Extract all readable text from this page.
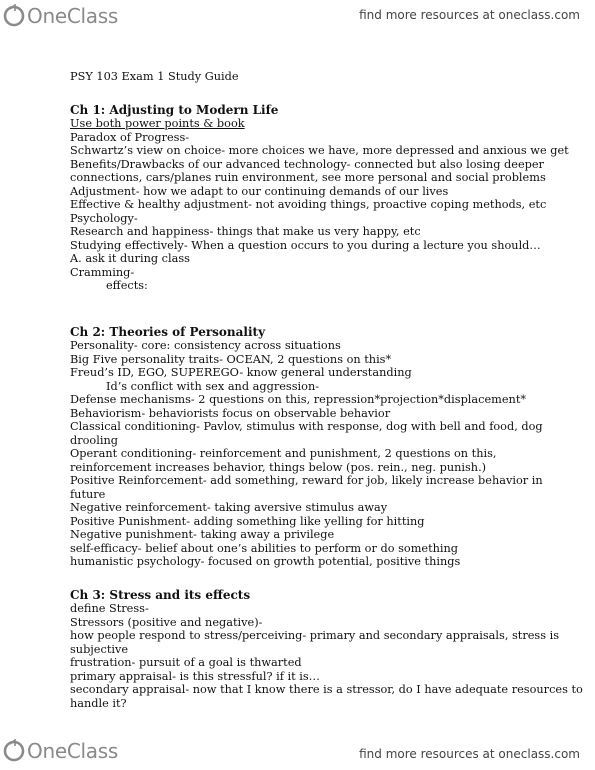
OneClass	find more resources at oneclass.com
PSY 103 Exam 1 Study Guide
Ch 1: Adjusting to Modern Life
Use both power points & book
Paradox of Progress-
Schwartz’s view on choice- more choices we have, more depressed and anxious we get
Benefits/Drawbacks of our advanced technology- connected but also losing deeper
connections, cars/planes ruin environment, see more personal and social problems
Adjustment- how we adapt to our continuing demands of our lives
Effective & healthy adjustment- not avoiding things, proactive coping methods, etc
Psychology-
Research and happiness- things that make us very happy, etc
Studying effectively- When a question occurs to you during a lecture you should…
A. ask it during class
Cramming-
effects:
Ch 2: Theories of Personality
Personality- core: consistency across situations
Big Five personality traits- OCEAN, 2 questions on this*
Freud’s ID, EGO, SUPEREGO- know general understanding
Id’s conflict with sex and aggression-
Defense mechanisms- 2 questions on this, repression*projection*displacement*
Behaviorism- behaviorists focus on observable behavior
Classical conditioning- Pavlov, stimulus with response, dog with bell and food, dog
drooling
Operant conditioning- reinforcement and punishment, 2 questions on this,
reinforcement increases behavior, things below (pos. rein., neg. punish.)
Positive Reinforcement- add something, reward for job, likely increase behavior in
future
Negative reinforcement- taking aversive stimulus away
Positive Punishment- adding something like yelling for hitting
Negative punishment- taking away a privilege
self-efficacy- belief about one’s abilities to perform or do something
humanistic psychology- focused on growth potential, positive things
Ch 3: Stress and its effects
define Stress-
Stressors (positive and negative)-
how people respond to stress/perceiving- primary and secondary appraisals, stress is
subjective
frustration- pursuit of a goal is thwarted
primary appraisal- is this stressful? if it is…
secondary appraisal- now that I know there is a stressor, do I have adequate resources to
handle it?
OneClass	find more resources at oneclass.com
